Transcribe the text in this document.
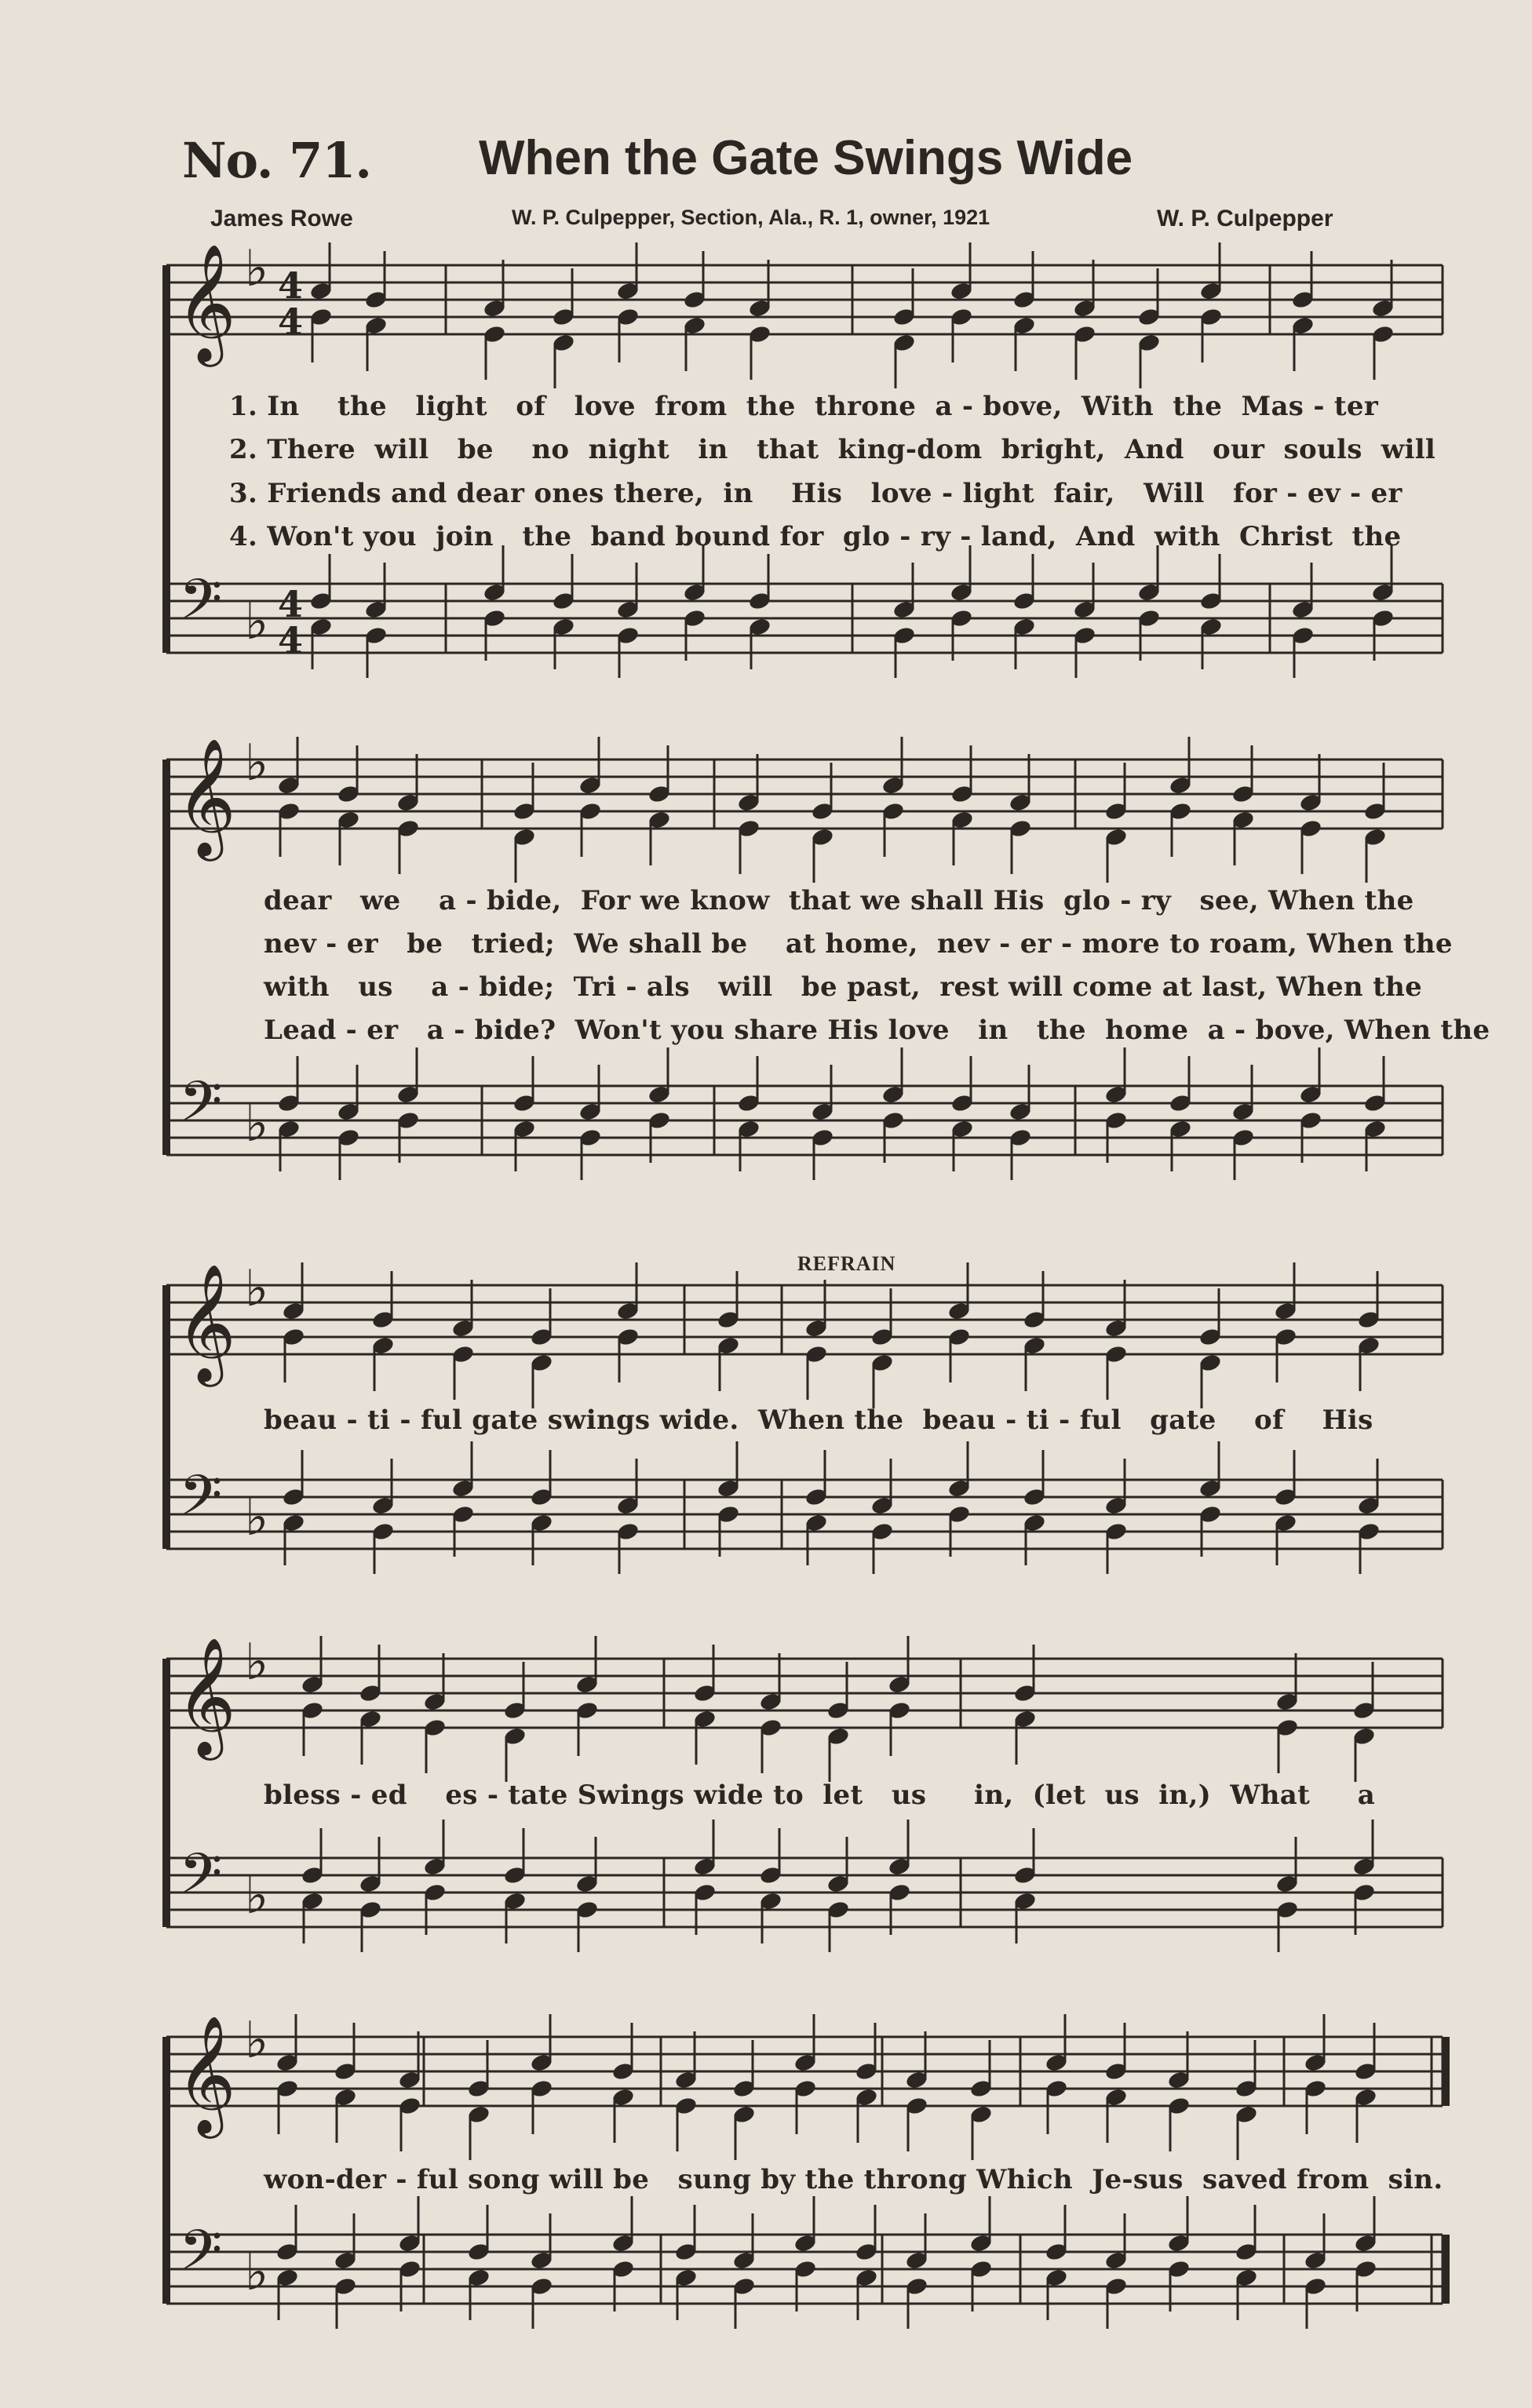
No. 71. When the Gate Swings Wide
James Rowe	W. P. Culpepper, Section, Ala., R. 1, owner, 1921	W. P. Culpepper
𝄞 ♭ 4
4
𝄢 ♭ 4
4
𝄞 ♭
𝄢 ♭
𝄞 ♭
𝄢 ♭
𝄞 ♭
𝄢 ♭
𝄞 ♭
𝄢 ♭
1. In    the   light   of   love  from  the  throne  a - bove,  With  the  Mas - ter
2. There  will   be    no  night   in   that  king-dom  bright,  And   our  souls  will
3. Friends and dear ones there,  in    His   love - light  fair,   Will   for - ev - er
4. Won't you  join   the  band bound for  glo - ry - land,  And  with  Christ  the
dear   we    a - bide,  For we know  that we shall His  glo - ry   see, When the
nev - er   be   tried;  We shall be    at home,  nev - er - more to roam, When the
with   us    a - bide;  Tri - als   will   be past,  rest will come at last, When the
Lead - er   a - bide?  Won't you share His love   in   the  home  a - bove, When the
REFRAIN
beau - ti - ful gate swings wide.  When the  beau - ti - ful   gate    of    His
bless - ed    es - tate Swings wide to  let   us     in,  (let  us  in,)  What     a
won-der - ful song will be   sung by the throng Which  Je-sus  saved from  sin.
